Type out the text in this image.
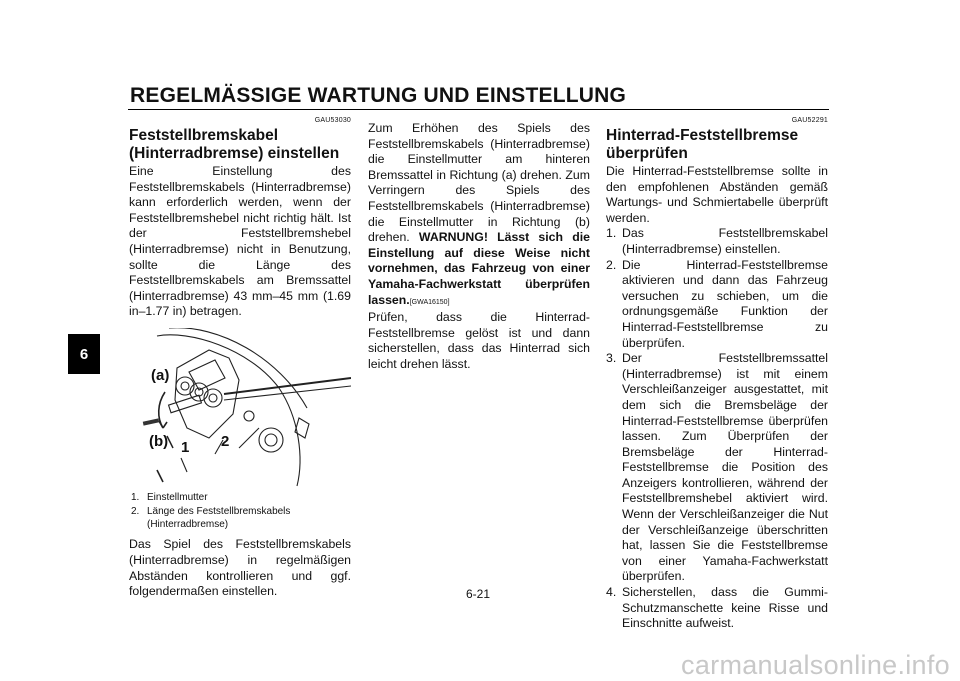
REGELMÄSSIGE WARTUNG UND EINSTELLUNG
6
GAU53030
Feststellbremskabel (Hinterradbremse) einstellen

Eine Einstellung des Feststellbremskabels (Hinterradbremse) kann erforderlich werden, wenn der Feststellbremshebel nicht richtig hält. Ist der Feststellbremshebel (Hinterradbremse) nicht in Benutzung, sollte die Länge des Feststellbremskabels am Bremssattel (Hinterradbremse) 43 mm–45 mm (1.69 in–1.77 in) betragen.

(a)
(b) 1 2
1. Einstellmutter
2. Länge des Feststellbremskabels (Hinterradbremse)

Das Spiel des Feststellbremskabels (Hinterradbremse) in regelmäßigen Abständen kontrollieren und ggf. folgendermaßen einstellen.

Zum Erhöhen des Spiels des Feststellbremskabels (Hinterradbremse) die Einstellmutter am hinteren Bremssattel in Richtung (a) drehen. Zum Verringern des Spiels des Feststellbremskabels (Hinterradbremse) die Einstellmutter in Richtung (b) drehen. WARNUNG! Lässt sich die Einstellung auf diese Weise nicht vornehmen, das Fahrzeug von einer Yamaha-Fachwerkstatt überprüfen lassen.[GWA16150]

Prüfen, dass die Hinterrad-Feststellbremse gelöst ist und dann sicherstellen, dass das Hinterrad sich leicht drehen lässt.

GAU52291
Hinterrad-Feststellbremse überprüfen

Die Hinterrad-Feststellbremse sollte in den empfohlenen Abständen gemäß Wartungs- und Schmiertabelle überprüft werden.

1. Das Feststellbremskabel (Hinterradbremse) einstellen.
2. Die Hinterrad-Feststellbremse aktivieren und dann das Fahrzeug versuchen zu schieben, um die ordnungsgemäße Funktion der Hinterrad-Feststellbremse zu überprüfen.
3. Der Feststellbremssattel (Hinterradbremse) ist mit einem Verschleißanzeiger ausgestattet, mit dem sich die Bremsbeläge der Hinterrad-Feststellbremse überprüfen lassen. Zum Überprüfen der Bremsbeläge der Hinterrad-Feststellbremse die Position des Anzeigers kontrollieren, während der Feststellbremshebel aktiviert wird. Wenn der Verschleißanzeiger die Nut der Verschleißanzeige überschritten hat, lassen Sie die Feststellbremse von einer Yamaha-Fachwerkstatt überprüfen.
4. Sicherstellen, dass die Gummi-Schutzmanschette keine Risse und Einschnitte aufweist.
6-21
carmanualsonline.info
